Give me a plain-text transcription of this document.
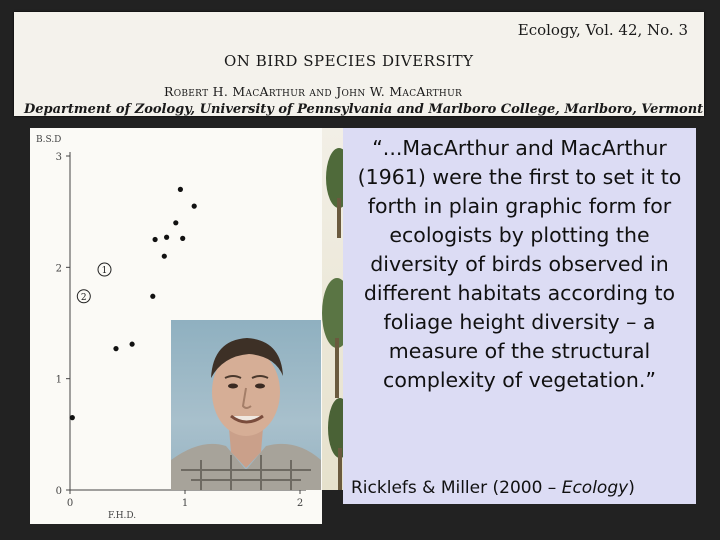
Ecology, Vol. 42, No. 3
ON BIRD SPECIES DIVERSITY
Robert H. MacArthur and John W. MacArthur
Department of Zoology, University of Pennsylvania and Marlboro College, Marlboro, Vermont
0
1
2
3
0	1	2
B.S.D
F.H.D.
1
2
“...MacArthur and MacArthur (1961) were the first to set it to forth in plain graphic form for ecologists by plotting the diversity of birds observed in different habitats according to foliage height diversity – a measure of the structural complexity of vegetation.”
Ricklefs & Miller (2000 – Ecology)
